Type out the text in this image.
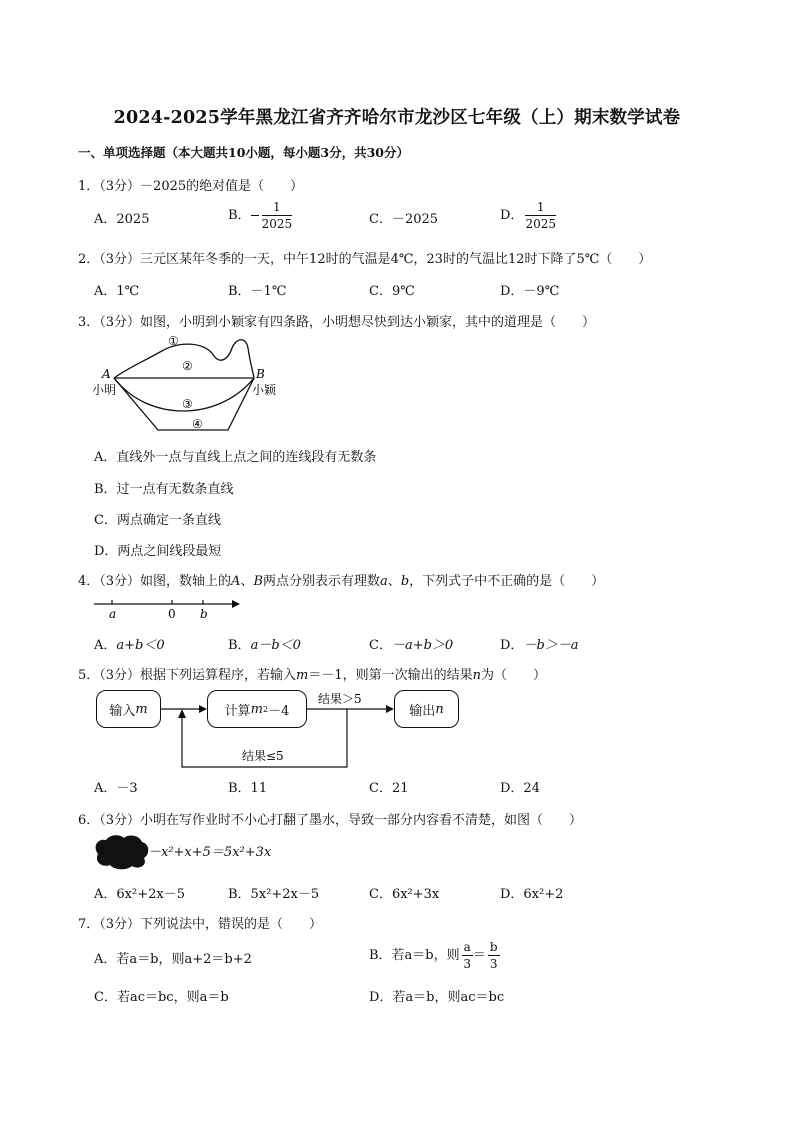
2024-2025学年黑龙江省齐齐哈尔市龙沙区七年级（上）期末数学试卷
一、单项选择题（本大题共10小题，每小题3分，共30分）
1．（3分）－2025的绝对值是（　　）
A．2025	B． $\frac{1}{2025}$	C．－2025	D． $\frac{1}{2025}$
2．（3分）三元区某年冬季的一天，中午12时的气温是4℃，23时的气温比12时下降了5℃（　　）
A．1℃	B．－1℃	C．9℃	D．－9℃
3．（3分）如图，小明到小颖家有四条路，小明想尽快到达小颖家，其中的道理是（　　）
A	B
小明	小颖
①
②
③
④
A．直线外一点与直线上点之间的连线段有无数条
B．过一点有无数条直线
C．两点确定一条直线
D．两点之间线段最短
4．（3分）如图，数轴上的A、B两点分别表示有理数a、b，下列式子中不正确的是（　　）
a	0 b
A．a+b＜0	B．a－b＜0	C．－a+b＞0	D．－b＞－a
5．（3分）根据下列运算程序，若输入m＝－1，则第一次输出的结果n为（　　）
输入 m	计算 m 2 －4	输出 n
结果＞5
结果≤5
A．－3	B．11	C．21	D．24
6．（3分）小明在写作业时不小心打翻了墨水，导致一部分内容看不清楚，如图（　　）
－x²+x+5＝5x²+3x
A．6x²+2x－5	B．5x²+2x－5	C．6x²+3x	D．6x²+2
7．（3分）下列说法中，错误的是（　　）
A．若a＝b，则a+2＝b+2	B．若a＝b，则 $\frac{a}{3} = \frac{b}{3}$
C．若ac＝bc，则a＝b	D．若a＝b，则ac＝bc
